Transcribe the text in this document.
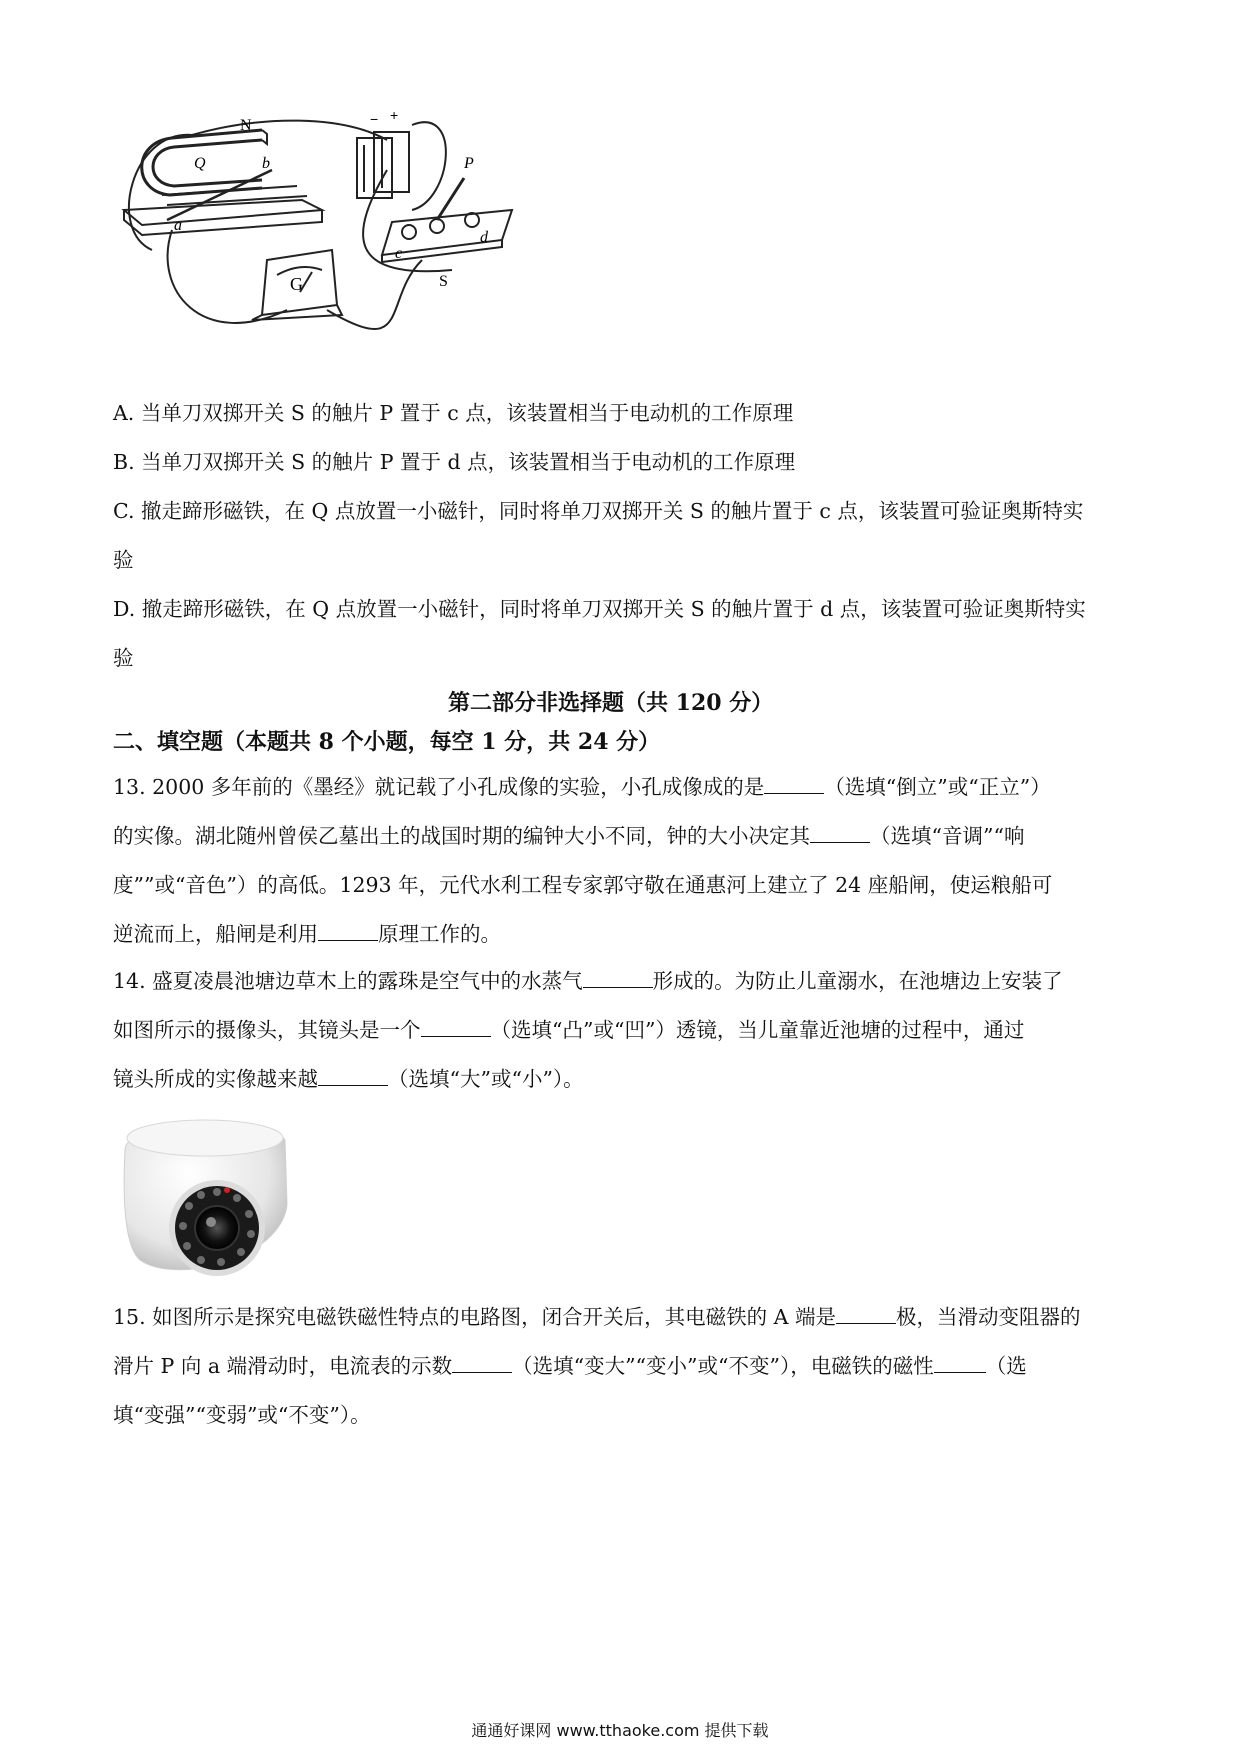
N
Q	b
a
G
P
c
d
S
− +
A. 当单刀双掷开关 S 的触片 P 置于 c 点，该装置相当于电动机的工作原理
B. 当单刀双掷开关 S 的触片 P 置于 d 点，该装置相当于电动机的工作原理
C. 撤走蹄形磁铁，在 Q 点放置一小磁针，同时将单刀双掷开关 S 的触片置于 c 点，该装置可验证奥斯特实
验
D. 撤走蹄形磁铁，在 Q 点放置一小磁针，同时将单刀双掷开关 S 的触片置于 d 点，该装置可验证奥斯特实
验
第二部分非选择题（共 120 分）
二、填空题（本题共 8 个小题，每空 1 分，共 24 分）
13. 2000 多年前的《墨经》就记载了小孔成像的实验，小孔成像成的是	（选填“倒立”或“正立”）
的实像。湖北随州曾侯乙墓出土的战国时期的编钟大小不同，钟的大小决定其	（选填“音调”“响
度””或“音色”）的高低。1293 年，元代水利工程专家郭守敬在通惠河上建立了 24 座船闸，使运粮船可
逆流而上，船闸是利用	原理工作的。
14. 盛夏凌晨池塘边草木上的露珠是空气中的水蒸气	形成的。为防止儿童溺水，在池塘边上安装了
如图所示的摄像头，其镜头是一个	（选填“凸”或“凹”）透镜，当儿童靠近池塘的过程中，通过
镜头所成的实像越来越	（选填“大”或“小”）。
15. 如图所示是探究电磁铁磁性特点的电路图，闭合开关后，其电磁铁的 A 端是	极，当滑动变阻器的
滑片 P 向 a 端滑动时，电流表的示数	（选填“变大”“变小”或“不变”），电磁铁的磁性	（选
填“变强”“变弱”或“不变”）。
通通好课网 www.tthaoke.com 提供下载
